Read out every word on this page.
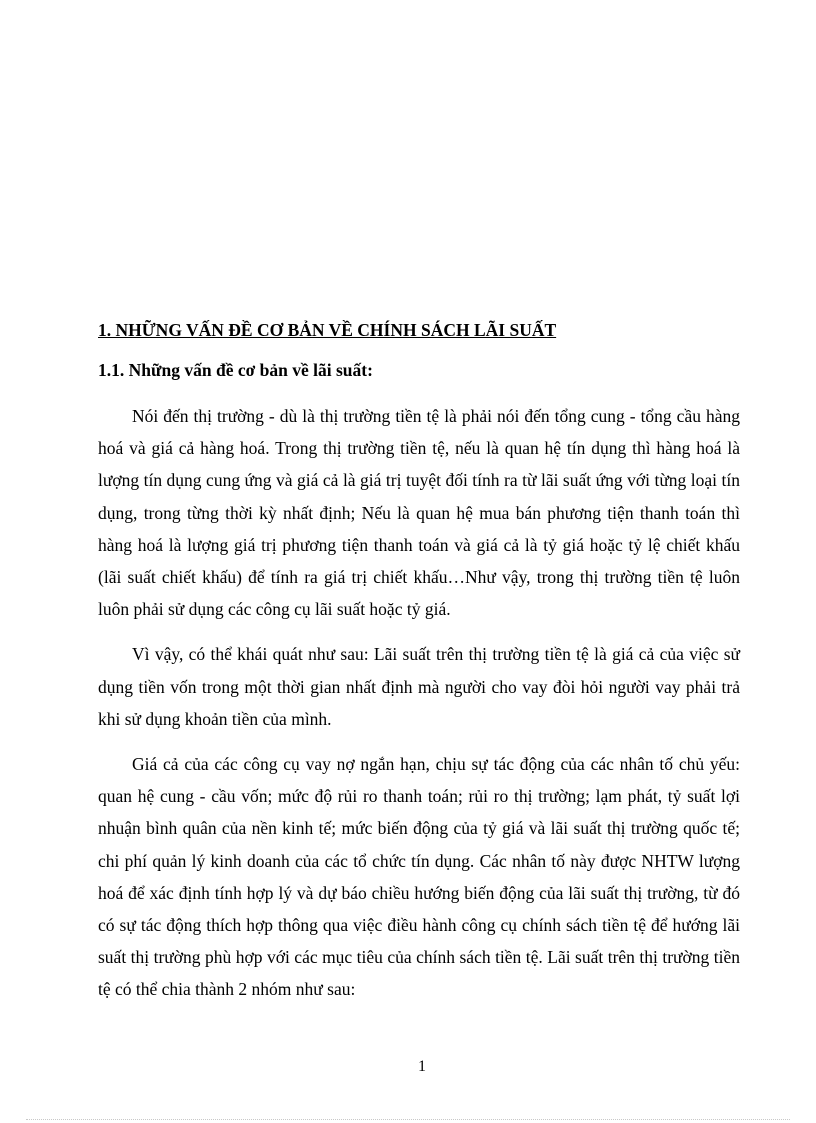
1. NHỮNG VẤN ĐỀ CƠ BẢN VỀ CHÍNH SÁCH LÃI SUẤT
1.1. Những vấn đề cơ bản về lãi suất:

Nói đến thị trường - dù là thị trường tiền tệ là phải nói đến tổng cung - tổng cầu hàng hoá và giá cả hàng hoá. Trong thị trường tiền tệ, nếu là quan hệ tín dụng thì hàng hoá là lượng tín dụng cung ứng và giá cả là giá trị tuyệt đối tính ra từ lãi suất ứng với từng loại tín dụng, trong từng thời kỳ nhất định; Nếu là quan hệ mua bán phương tiện thanh toán thì hàng hoá là lượng giá trị phương tiện thanh toán và giá cả là tỷ giá hoặc tỷ lệ chiết khấu (lãi suất chiết khấu) để tính ra giá trị chiết khấu…Như vậy, trong thị trường tiền tệ luôn luôn phải sử dụng các công cụ lãi suất hoặc tỷ giá.

Vì vậy, có thể khái quát như sau: Lãi suất trên thị trường tiền tệ là giá cả của việc sử dụng tiền vốn trong một thời gian nhất định mà người cho vay đòi hỏi người vay phải trả khi sử dụng khoản tiền của mình.

Giá cả của các công cụ vay nợ ngắn hạn, chịu sự tác động của các nhân tố chủ yếu: quan hệ cung - cầu vốn; mức độ rủi ro thanh toán; rủi ro thị trường; lạm phát, tỷ suất lợi nhuận bình quân của nền kinh tế; mức biến động của tỷ giá và lãi suất thị trường quốc tế; chi phí quản lý kinh doanh của các tổ chức tín dụng. Các nhân tố này được NHTW lượng hoá để xác định tính hợp lý và dự báo chiều hướng biến động của lãi suất thị trường, từ đó có sự tác động thích hợp thông qua việc điều hành công cụ chính sách tiền tệ để hướng lãi suất thị trường phù hợp với các mục tiêu của chính sách tiền tệ. Lãi suất trên thị trường tiền tệ có thể chia thành 2 nhóm như sau:

1
